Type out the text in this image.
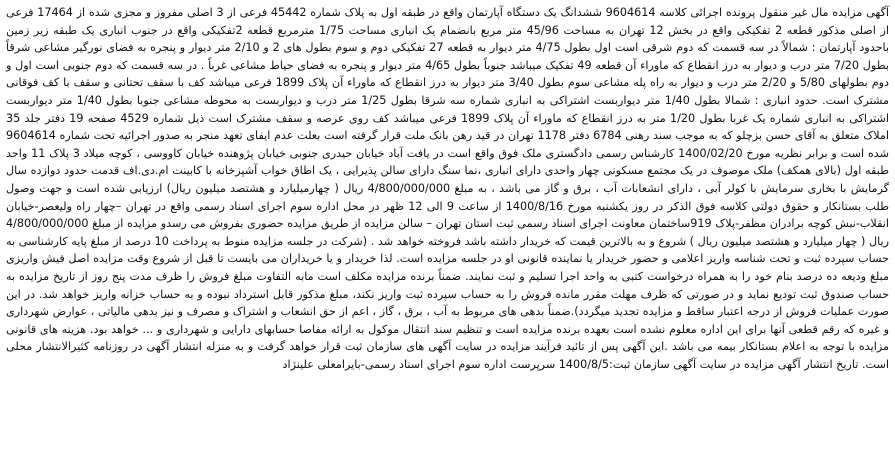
آگهی مزایده مال غیر منقول پرونده اجرائی کلاسه 9604614 ششدانگ یک دستگاه آپارتمان واقع در طبقه اول به پلاک شماره 45442 فرعی از 3 اصلی مفروز و مجزی شده از 17464 فرعی از اصلی مذکور قطعه 2 تفکیکی واقع در بخش 12 تهران به مساحت 45/96 متر مربع بانضمام یک انباری مساحت 1/75 مترمربع قطعه 2تفکیکی واقع در جنوب انباری یک طبقه زیر زمین باحدود آپارتمان : شمالاً در سه قسمت که دوم شرقی است اول بطول 4/75 متر دیوار به قطعه 27 تفکیکی دوم و سوم بطول های 2 و 2/10 متر دیوار و پنجره به فضای نورگیر مشاعی شرقاً بطول 7/20 متر درب و دیوار به درز انقطاع که ماوراء آن قطعه 49 تفکیک میباشد جنوباً بطول 4/65 متر دیوار و پنجره به فضای حیاط مشاعی غرباً . در سه قسمت که دوم جنوبی است اول و دوم بطولهای 5/80 و 2/20 متر درب و دیوار به راه پله مشاعی سوم بطول 3/40 متر دیوار به درز انقطاع که ماوراء آن پلاک 1899 فرعی میباشد کف با سقف تحتانی و سقف با کف فوقانی مشترک است. حدود انباری : شمالا بطول 1/40 متر دیواربست اشتراکی به انباری شماره سه شرقا بطول 1/25 متر درب و دیواربست به محوطه مشاعی جنوبا بطول 1/40 متر دیواربست اشتراکی به انباری شماره یک غربا بطول 1/20 متر به درز انقطاع که ماوراء آن پلاک 1899 فرعی میباشد کف روی عرصه و سقف مشترک است ذیل شماره 4529 صفحه 19 دفتر جلد 35 املاک متعلق به آقای حسن بزچلو که به موجب سند رهنی 6784 دفتر 1178 تهران در قید رهن بانک ملت قرار گرفته است بعلت عدم ایفای تعهد منجر به صدور اجرائیه تحت شماره 9604614 شده است و برابر نظریه مورخ 1400/02/20 کارشناس رسمی دادگستری ملک فوق واقع است در یافت آباد خیابان حیدری جنوبی خیابان پژوهنده خیابان کاووسی ، کوچه میلاد 3 پلاک 11 واحد طبقه اول (بالای همکف) ملک موصوف در یک مجتمع مسکونی چهار واحدی دارای انباری ،نما سنگ دارای سالن پذیرایی ، یک اطاق خواب آشپزخانه با کابینت ام.دی.اف قدمت حدود دوازده سال گرمایش با بخاری سرمایش با کولر آبی ، دارای انشعابات آب ، برق و گاز می باشد ، به مبلغ 4/800/000/000 ریال ( چهارمیلیارد و هشتصد میلیون ریال) ارزیابی شده است و جهت وصول طلب بستانکار و حقوق دولتی کلاسه فوق الذکر در روز یکشنبه مورخ 1400/8/16 از ساعت 9 الی 12 ظهر در محل اداره سوم اجرای اسناد رسمی واقع در تهران –چهار راه ولیعصر-خیابان انقلاب-نبش کوچه برادران مظفر-پلاک 919ساختمان معاونت اجرای اسناد رسمی ثبت استان تهران – سالن مزایده از طریق مزایده حضوری بفروش می رسدو مزایده از مبلغ 4/800/000/000 ریال ( چهار میلیارد و هشتصد میلیون ریال ) شروع و به بالاترین قیمت که خریدار داشته باشد فروخته خواهد شد . (شرکت در جلسه مزایده منوط به پرداخت 10 درصد از مبلغ پایه کارشناسی به حساب سپرده ثبت و تحت شناسه واریز اعلامی و حضور خریدار یا نماینده قانونی او در جلسه مزایده است. لذا خریدار و یا خریداران می بایست تا قبل از شروع وقت مزایده اصل فیش واریزی مبلغ ودیعه ده درصد بنام خود را به همراه درخواست کتبی به واحد اجرا تسلیم و ثبت نمایند. ضمناً برنده مزایده مکلف است مابه التفاوت مبلغ فروش را ظرف مدت پنج روز از تاریخ مزایده به حساب صندوق ثبت تودیع نماید و در صورتی که ظرف مهلت مقرر مانده فروش را به حساب سپرده ثبت واریز نکند، مبلغ مذکور قابل استرداد نبوده و به حساب خزانه واریز خواهد شد. در این صورت عملیات فروش از درجه اعتبار ساقط و مزایده تجدید میگردد).ضمناً بدهی های مربوط به آب ، برق ، گاز ، اعم از حق انشعاب و اشتراک و مصرف و نیز بدهی مالیاتی ، عوارض شهرداری و غیره که رقم قطعی آنها برای این اداره معلوم نشده است بعهده برنده مزایده است و تنظیم سند انتقال موکول به ارائه مفاصا حسابهای دارایی و شهرداری و ... خواهد بود. هزینه های قانونی مزایده با توجه به اعلام بستانکار بیمه می باشد .این آگهی پس از تائید فرآیند مزایده در سایت آگهی های سازمان ثبت قرار خواهد گرفت و به منزله انتشار آگهی در روزنامه کثیرالانتشار محلی است. تاریخ انتشار آگهی مزایده در سایت آگهی سازمان ثبت:1400/8/5 سرپرست اداره سوم اجرای اسناد رسمی-بایرامعلی علینژاد
